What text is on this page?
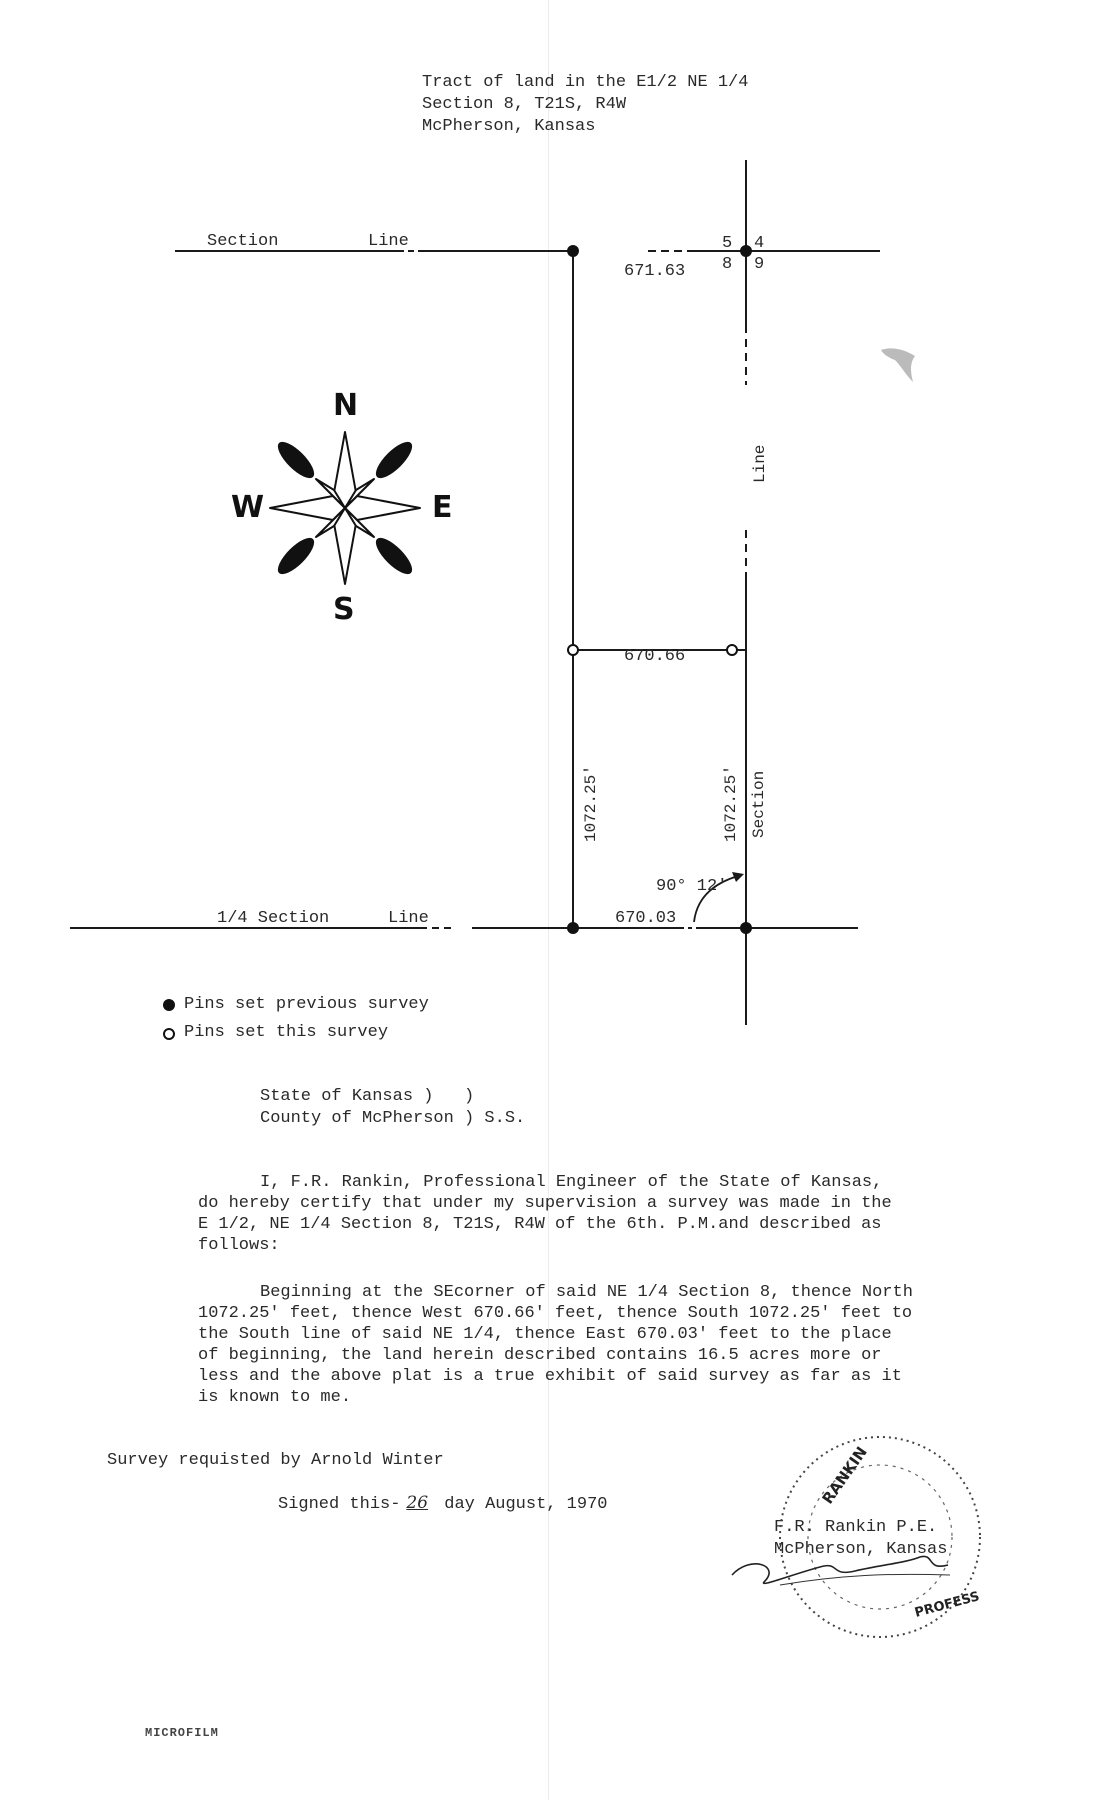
Tract of land in the E1/2 NE 1/4
Section 8, T21S, R4W
McPherson, Kansas
N
S
E
W
Section	Line
671.63
5 4
8 9
Line
670.66
1072.25'	1072.25' Section
90° 12'
1/4 Section	Line	670.03
Pins set previous survey
Pins set this survey
State of Kansas )   )
County of McPherson ) S.S.
I, F.R. Rankin, Professional Engineer of the State of Kansas,
do hereby certify that under my supervision a survey was made in the
E 1/2, NE 1/4 Section 8, T21S, R4W of the 6th. P.M.and described as
follows:
Beginning at the SEcorner of said NE 1/4 Section 8, thence North
1072.25' feet, thence West 670.66' feet, thence South 1072.25' feet to
the South line of said NE 1/4, thence East 670.03' feet to the place
of beginning, the land herein described contains 16.5 acres more or
less and the above plat is a true exhibit of said survey as far as it
is known to me.
Survey requisted by Arnold Winter
Signed this- 26 day August, 1970
F.R. Rankin P.E.
McPherson, Kansas
RANKIN
PROFESS
MICROFILM
